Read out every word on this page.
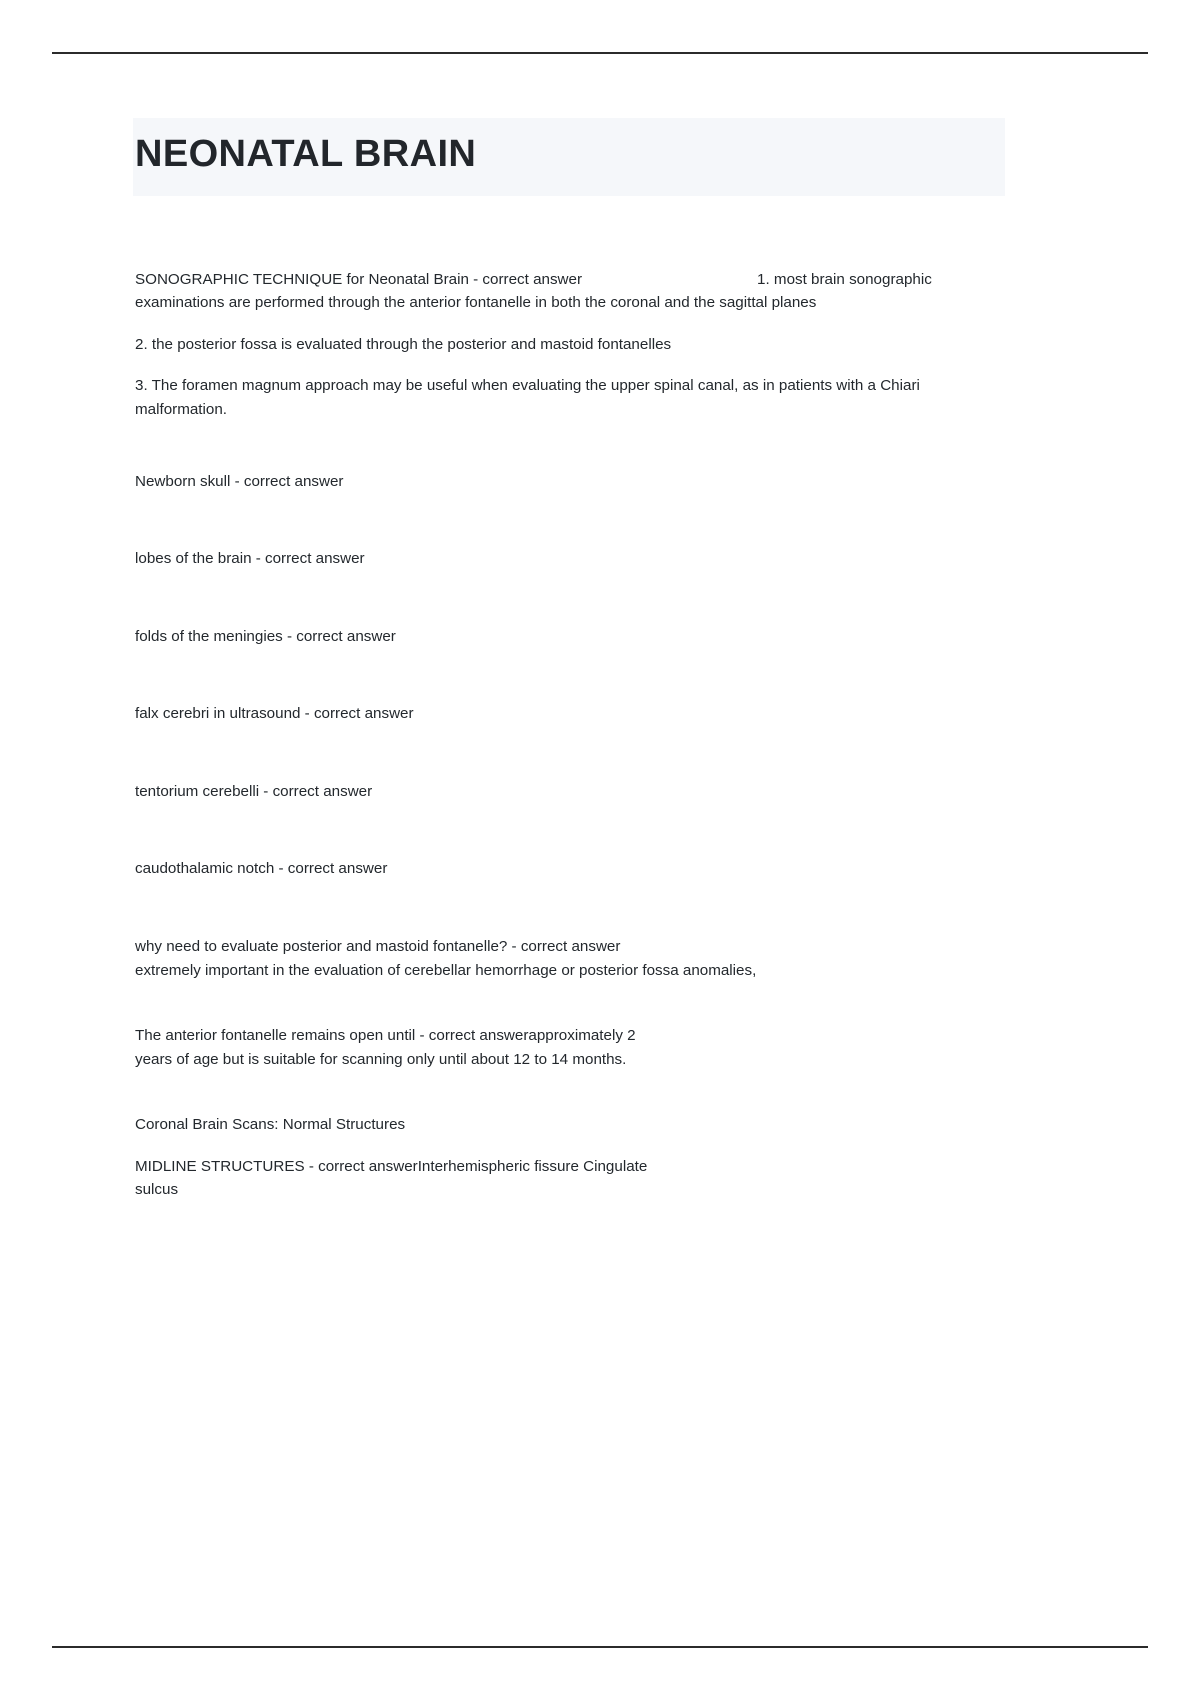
NEONATAL BRAIN

SONOGRAPHIC TECHNIQUE for Neonatal Brain - correct answer	1. most brain sonographic examinations are performed through the anterior fontanelle in both the coronal and the sagittal planes

2. the posterior fossa is evaluated through the posterior and mastoid fontanelles

3. The foramen magnum approach may be useful when evaluating the upper spinal canal, as in patients with a Chiari malformation.

Newborn skull - correct answer

lobes of the brain - correct answer

folds of the meningies - correct answer

falx cerebri in ultrasound - correct answer

tentorium cerebelli - correct answer

caudothalamic notch - correct answer

why need to evaluate posterior and mastoid fontanelle? - correct answer

extremely important in the evaluation of cerebellar hemorrhage or posterior fossa anomalies,

The anterior fontanelle remains open until - correct answerapproximately 2

years of age but is suitable for scanning only until about 12 to 14 months.

Coronal Brain Scans: Normal Structures

MIDLINE STRUCTURES - correct answerInterhemispheric fissure Cingulate

sulcus
